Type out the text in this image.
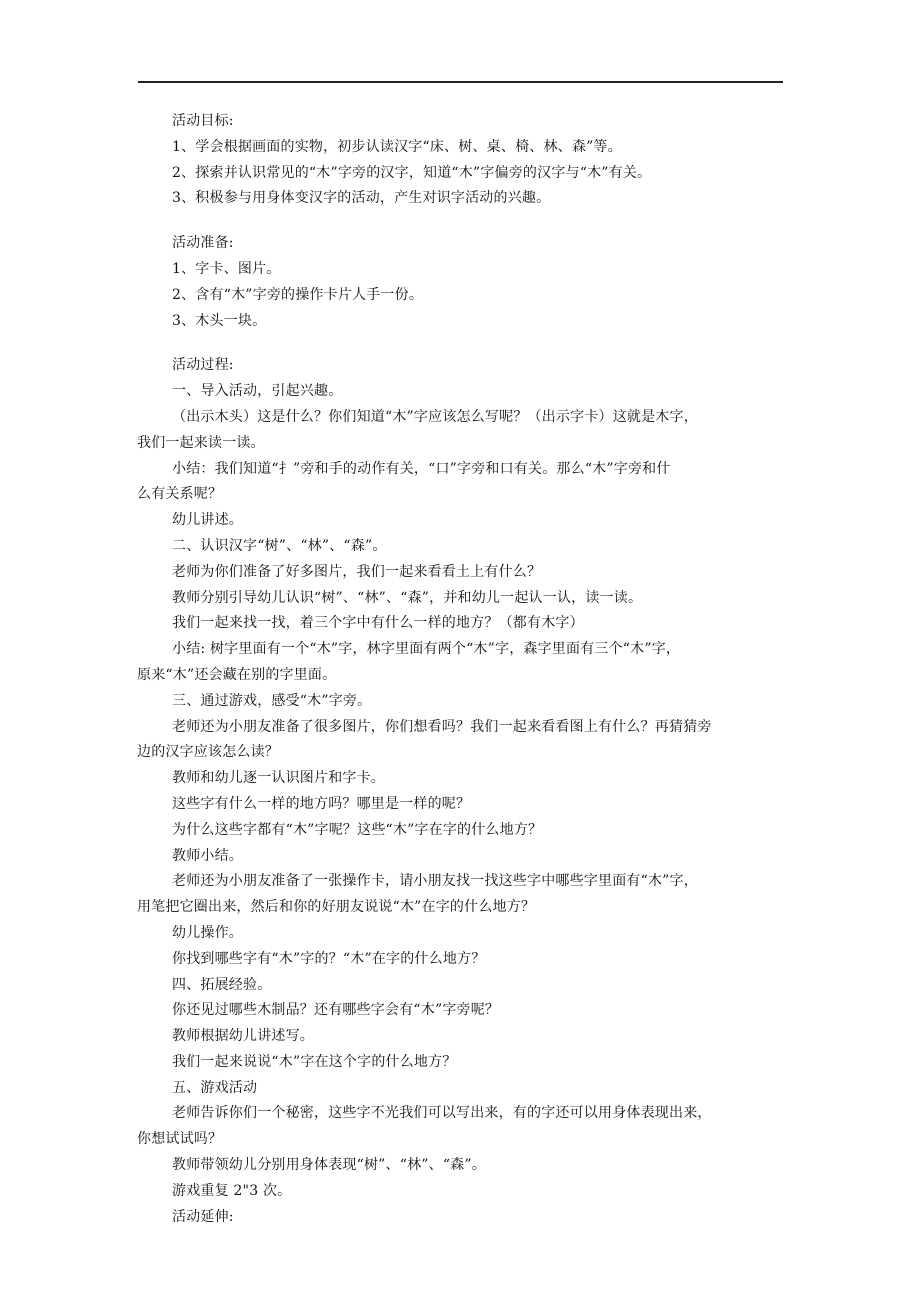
活动目标:
1、学会根据画面的实物，初步认读汉字“床、树、桌、椅、林、森”等。
2、探索并认识常见的“木”字旁的汉字，知道“木”字偏旁的汉字与“木”有关。
3、积极参与用身体变汉字的活动，产生对识字活动的兴趣。
活动准备:
1、字卡、图片。
2、含有“木”字旁的操作卡片人手一份。
3、木头一块。
活动过程:
一、导入活动，引起兴趣。
（出示木头）这是什么？你们知道“木”字应该怎么写呢？（出示字卡）这就是木字，
我们一起来读一读。
小结：我们知道“扌”旁和手的动作有关，“口”字旁和口有关。那么“木”字旁和什
么有关系呢？
幼儿讲述。
二、认识汉字“树”、“林”、“森”。
老师为你们准备了好多图片，我们一起来看看土上有什么？
教师分别引导幼儿认识“树”、“林”、“森”，并和幼儿一起认一认，读一读。
我们一起来找一找，着三个字中有什么一样的地方？（都有木字）
小结: 树字里面有一个“木”字，林字里面有两个“木”字，森字里面有三个“木”字，
原来“木”还会藏在别的字里面。
三、通过游戏，感受“木”字旁。
老师还为小朋友准备了很多图片，你们想看吗？我们一起来看看图上有什么？再猜猜旁
边的汉字应该怎么读？
教师和幼儿逐一认识图片和字卡。
这些字有什么一样的地方吗？哪里是一样的呢？
为什么这些字都有“木”字呢？这些“木”字在字的什么地方？
教师小结。
老师还为小朋友准备了一张操作卡，请小朋友找一找这些字中哪些字里面有“木”字，
用笔把它圈出来，然后和你的好朋友说说“木”在字的什么地方？
幼儿操作。
你找到哪些字有“木”字的？“木”在字的什么地方？
四、拓展经验。
你还见过哪些木制品？还有哪些字会有“木”字旁呢？
教师根据幼儿讲述写。
我们一起来说说“木”字在这个字的什么地方？
五、游戏活动
老师告诉你们一个秘密，这些字不光我们可以写出来，有的字还可以用身体表现出来，
你想试试吗？
教师带领幼儿分别用身体表现“树”、“林”、“森”。
游戏重复 2"3 次。
活动延伸:
